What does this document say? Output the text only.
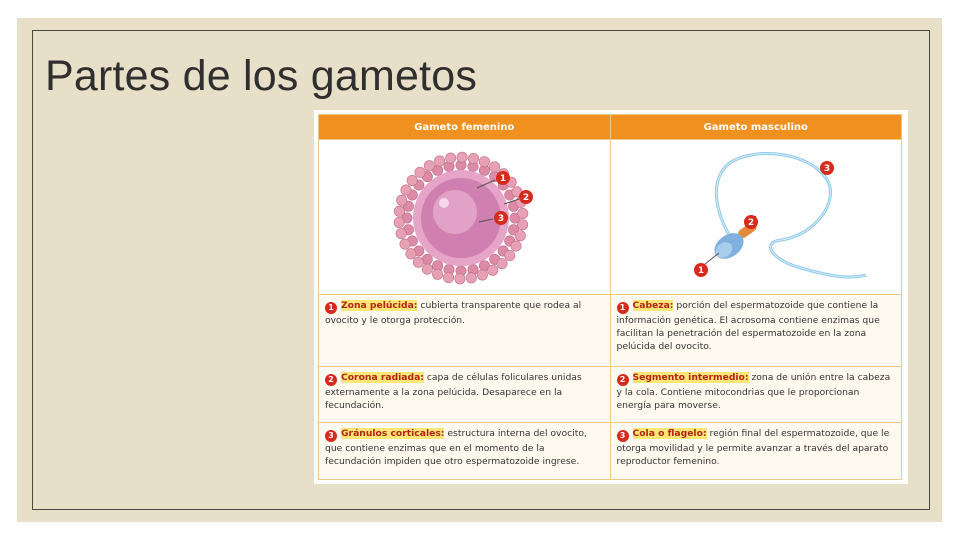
Partes de los gametos
Gameto femenino	Gameto masculino

1
2
3	1
2
3

1 Zona pelúcida: cubierta transparente que rodea al ovocito y le otorga protección.	1 Cabeza: porción del espermatozoide que contiene la información genética. El acrosoma contiene enzimas que facilitan la penetración del espermatozoide en la zona pelúcida del ovocito.
2 Corona radiada: capa de células foliculares unidas externamente a la zona pelúcida. Desaparece en la fecundación.	2 Segmento intermedio: zona de unión entre la cabeza y la cola. Contiene mitocondrias que le proporcionan energía para moverse.
3 Gránulos corticales: estructura interna del ovocito, que contiene enzimas que en el momento de la fecundación impiden que otro espermatozoide ingrese.	3 Cola o flagelo: región final del espermatozoide, que le otorga movilidad y le permite avanzar a través del aparato reproductor femenino.
